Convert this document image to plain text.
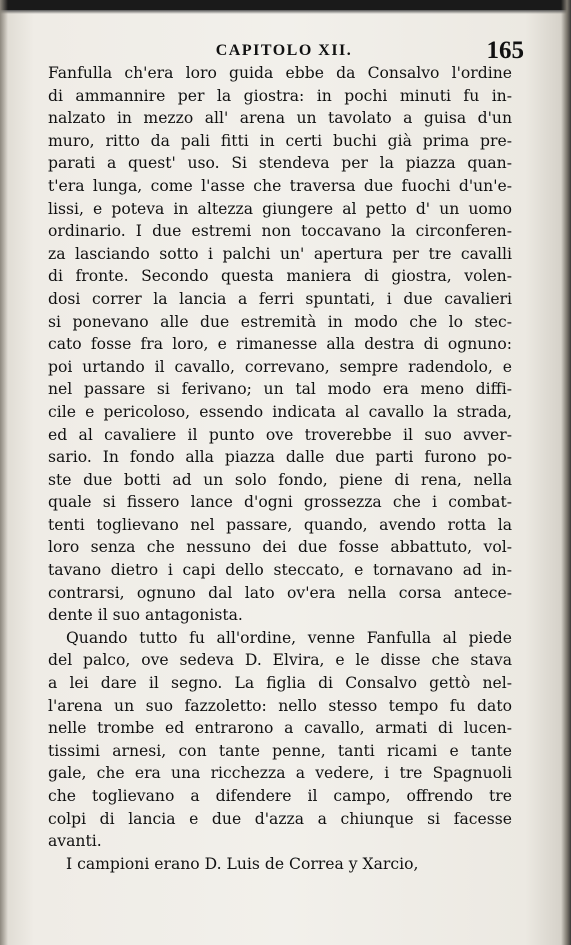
CAPITOLO XII.	165
Fanfulla ch'era loro guida ebbe da Consalvo l'ordine
di ammannire per la giostra: in pochi minuti fu in-
nalzato in mezzo all' arena un tavolato a guisa d'un
muro, ritto da pali fitti in certi buchi già prima pre-
parati a quest' uso. Si stendeva per la piazza quan-
t'era lunga, come l'asse che traversa due fuochi d'un'e-
lissi, e poteva in altezza giungere al petto d' un uomo
ordinario. I due estremi non toccavano la circonferen-
za lasciando sotto i palchi un' apertura per tre cavalli
di fronte. Secondo questa maniera di giostra, volen-
dosi correr la lancia a ferri spuntati, i due cavalieri
si ponevano alle due estremità in modo che lo stec-
cato fosse fra loro, e rimanesse alla destra di ognuno:
poi urtando il cavallo, correvano, sempre radendolo, e
nel passare si ferivano; un tal modo era meno diffi-
cile e pericoloso, essendo indicata al cavallo la strada,
ed al cavaliere il punto ove troverebbe il suo avver-
sario. In fondo alla piazza dalle due parti furono po-
ste due botti ad un solo fondo, piene di rena, nella
quale si fissero lance d'ogni grossezza che i combat-
tenti toglievano nel passare, quando, avendo rotta la
loro senza che nessuno dei due fosse abbattuto, vol-
tavano dietro i capi dello steccato, e tornavano ad in-
contrarsi, ognuno dal lato ov'era nella corsa antece-
dente il suo antagonista.
Quando tutto fu all'ordine, venne Fanfulla al piede
del palco, ove sedeva D. Elvira, e le disse che stava
a lei dare il segno. La figlia di Consalvo gettò nel-
l'arena un suo fazzoletto: nello stesso tempo fu dato
nelle trombe ed entrarono a cavallo, armati di lucen-
tissimi arnesi, con tante penne, tanti ricami e tante
gale, che era una ricchezza a vedere, i tre Spagnuoli
che toglievano a difendere il campo, offrendo tre
colpi di lancia e due d'azza a chiunque si facesse
avanti.
I campioni erano D. Luis de Correa y Xarcio,
